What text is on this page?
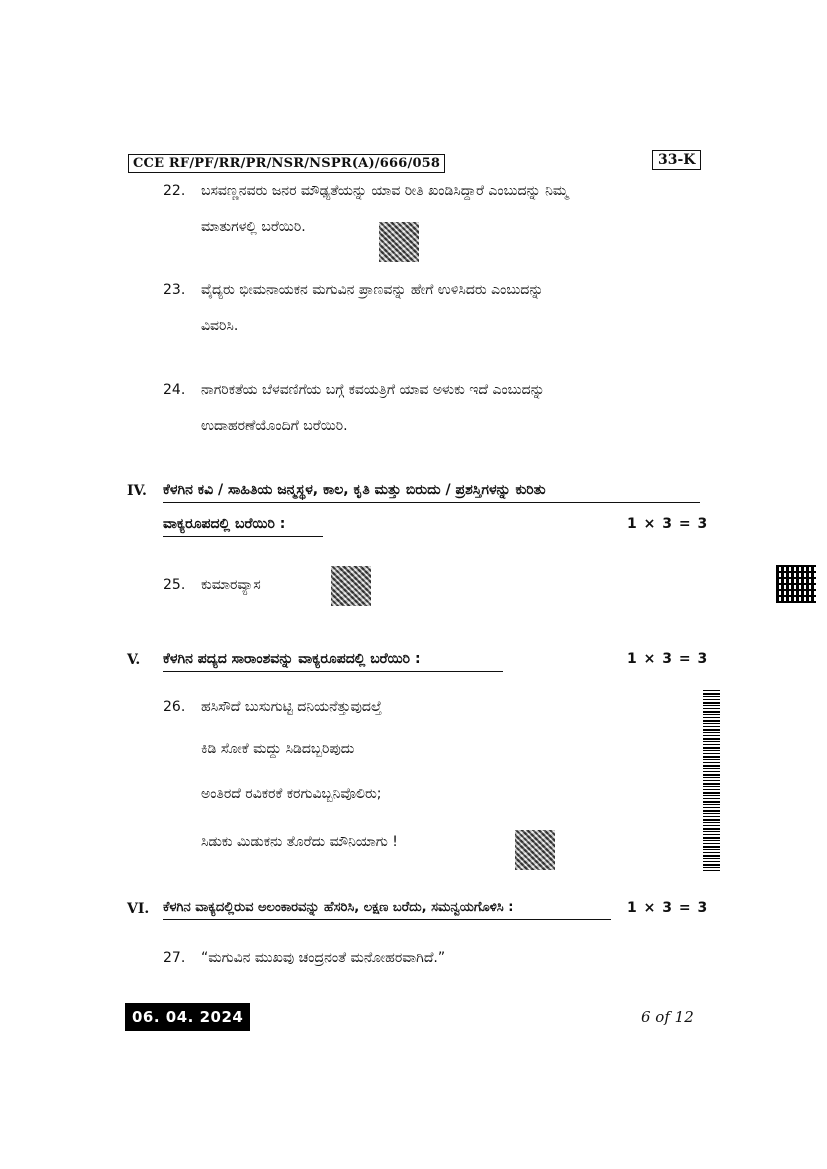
CCE RF/PF/RR/PR/NSR/NSPR(A)/666/058	33-K
22. ಬಸವಣ್ಣನವರು ಜನರ ಮೌಢ್ಯತೆಯನ್ನು ಯಾವ ರೀತಿ ಖಂಡಿಸಿದ್ದಾರೆ ಎಂಬುದನ್ನು ನಿಮ್ಮ
ಮಾತುಗಳಲ್ಲಿ ಬರೆಯಿರಿ.
23. ವೈದ್ಯರು ಭೀಮನಾಯಕನ ಮಗುವಿನ ಪ್ರಾಣವನ್ನು ಹೇಗೆ ಉಳಿಸಿದರು ಎಂಬುದನ್ನು
ವಿವರಿಸಿ.
24. ನಾಗರಿಕತೆಯ ಬೆಳವಣಿಗೆಯ ಬಗ್ಗೆ ಕವಯತ್ರಿಗೆ ಯಾವ ಅಳುಕು ಇದೆ ಎಂಬುದನ್ನು
ಉದಾಹರಣೆಯೊಂದಿಗೆ ಬರೆಯಿರಿ.
IV. ಕೆಳಗಿನ ಕವಿ / ಸಾಹಿತಿಯ ಜನ್ಮಸ್ಥಳ, ಕಾಲ, ಕೃತಿ ಮತ್ತು ಬಿರುದು / ಪ್ರಶಸ್ತಿಗಳನ್ನು ಕುರಿತು
ವಾಕ್ಯರೂಪದಲ್ಲಿ ಬರೆಯಿರಿ :	1 × 3 = 3
25. ಕುಮಾರವ್ಯಾಸ
V. ಕೆಳಗಿನ ಪದ್ಯದ ಸಾರಾಂಶವನ್ನು ವಾಕ್ಯರೂಪದಲ್ಲಿ ಬರೆಯಿರಿ :	1 × 3 = 3
26. ಹಸಿಸೌದೆ ಬುಸುಗುಟ್ಟಿ ದನಿಯನೆತ್ತುವುದಲ್ತೆ
ಕಿಡಿ ಸೋಕೆ ಮದ್ದು ಸಿಡಿದಬ್ಬರಿಪುದು
ಅಂತಿರದೆ ರವಿಕರಕೆ ಕರಗುವಿಬ್ಬನಿವೊಲಿರು;
ಸಿಡುಕು ಮಿಡುಕನು ತೊರೆದು ಮೌನಿಯಾಗು !
VI. ಕೆಳಗಿನ ವಾಕ್ಯದಲ್ಲಿರುವ ಅಲಂಕಾರವನ್ನು ಹೆಸರಿಸಿ, ಲಕ್ಷಣ ಬರೆದು, ಸಮನ್ವಯಗೊಳಿಸಿ :	1 × 3 = 3
27. “ಮಗುವಿನ ಮುಖವು ಚಂದ್ರನಂತೆ ಮನೋಹರವಾಗಿದೆ.”
06. 04. 2024	6 of 12
